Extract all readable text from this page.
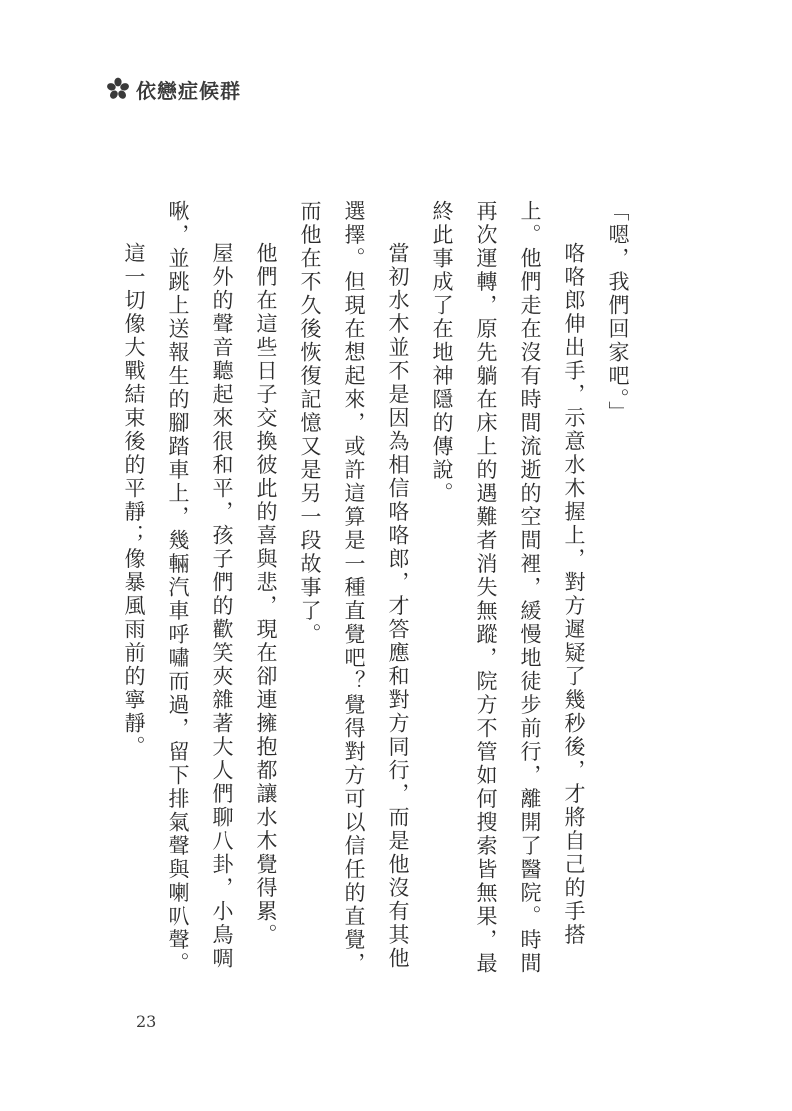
依戀症候群

「嗯，我們回家吧。」

咯咯郎伸出手，示意水木握上，對方遲疑了幾秒後，才將自己的手搭上。他們走在沒有時間流逝的空間裡，緩慢地徒步前行，離開了醫院。時間再次運轉，原先躺在床上的遇難者消失無蹤，院方不管如何搜索皆無果，最終此事成了在地神隱的傳說。

當初水木並不是因為相信咯咯郎，才答應和對方同行，而是他沒有其他選擇。但現在想起來，或許這算是一種直覺吧？覺得對方可以信任的直覺，而他在不久後恢復記憶又是另一段故事了。

他們在這些日子交換彼此的喜與悲，現在卻連擁抱都讓水木覺得累。

屋外的聲音聽起來很和平，孩子們的歡笑夾雜著大人們聊八卦，小鳥啁啾，並跳上送報生的腳踏車上，幾輛汽車呼嘯而過，留下排氣聲與喇叭聲。

這一切像大戰結束後的平靜；像暴風雨前的寧靜。

23
